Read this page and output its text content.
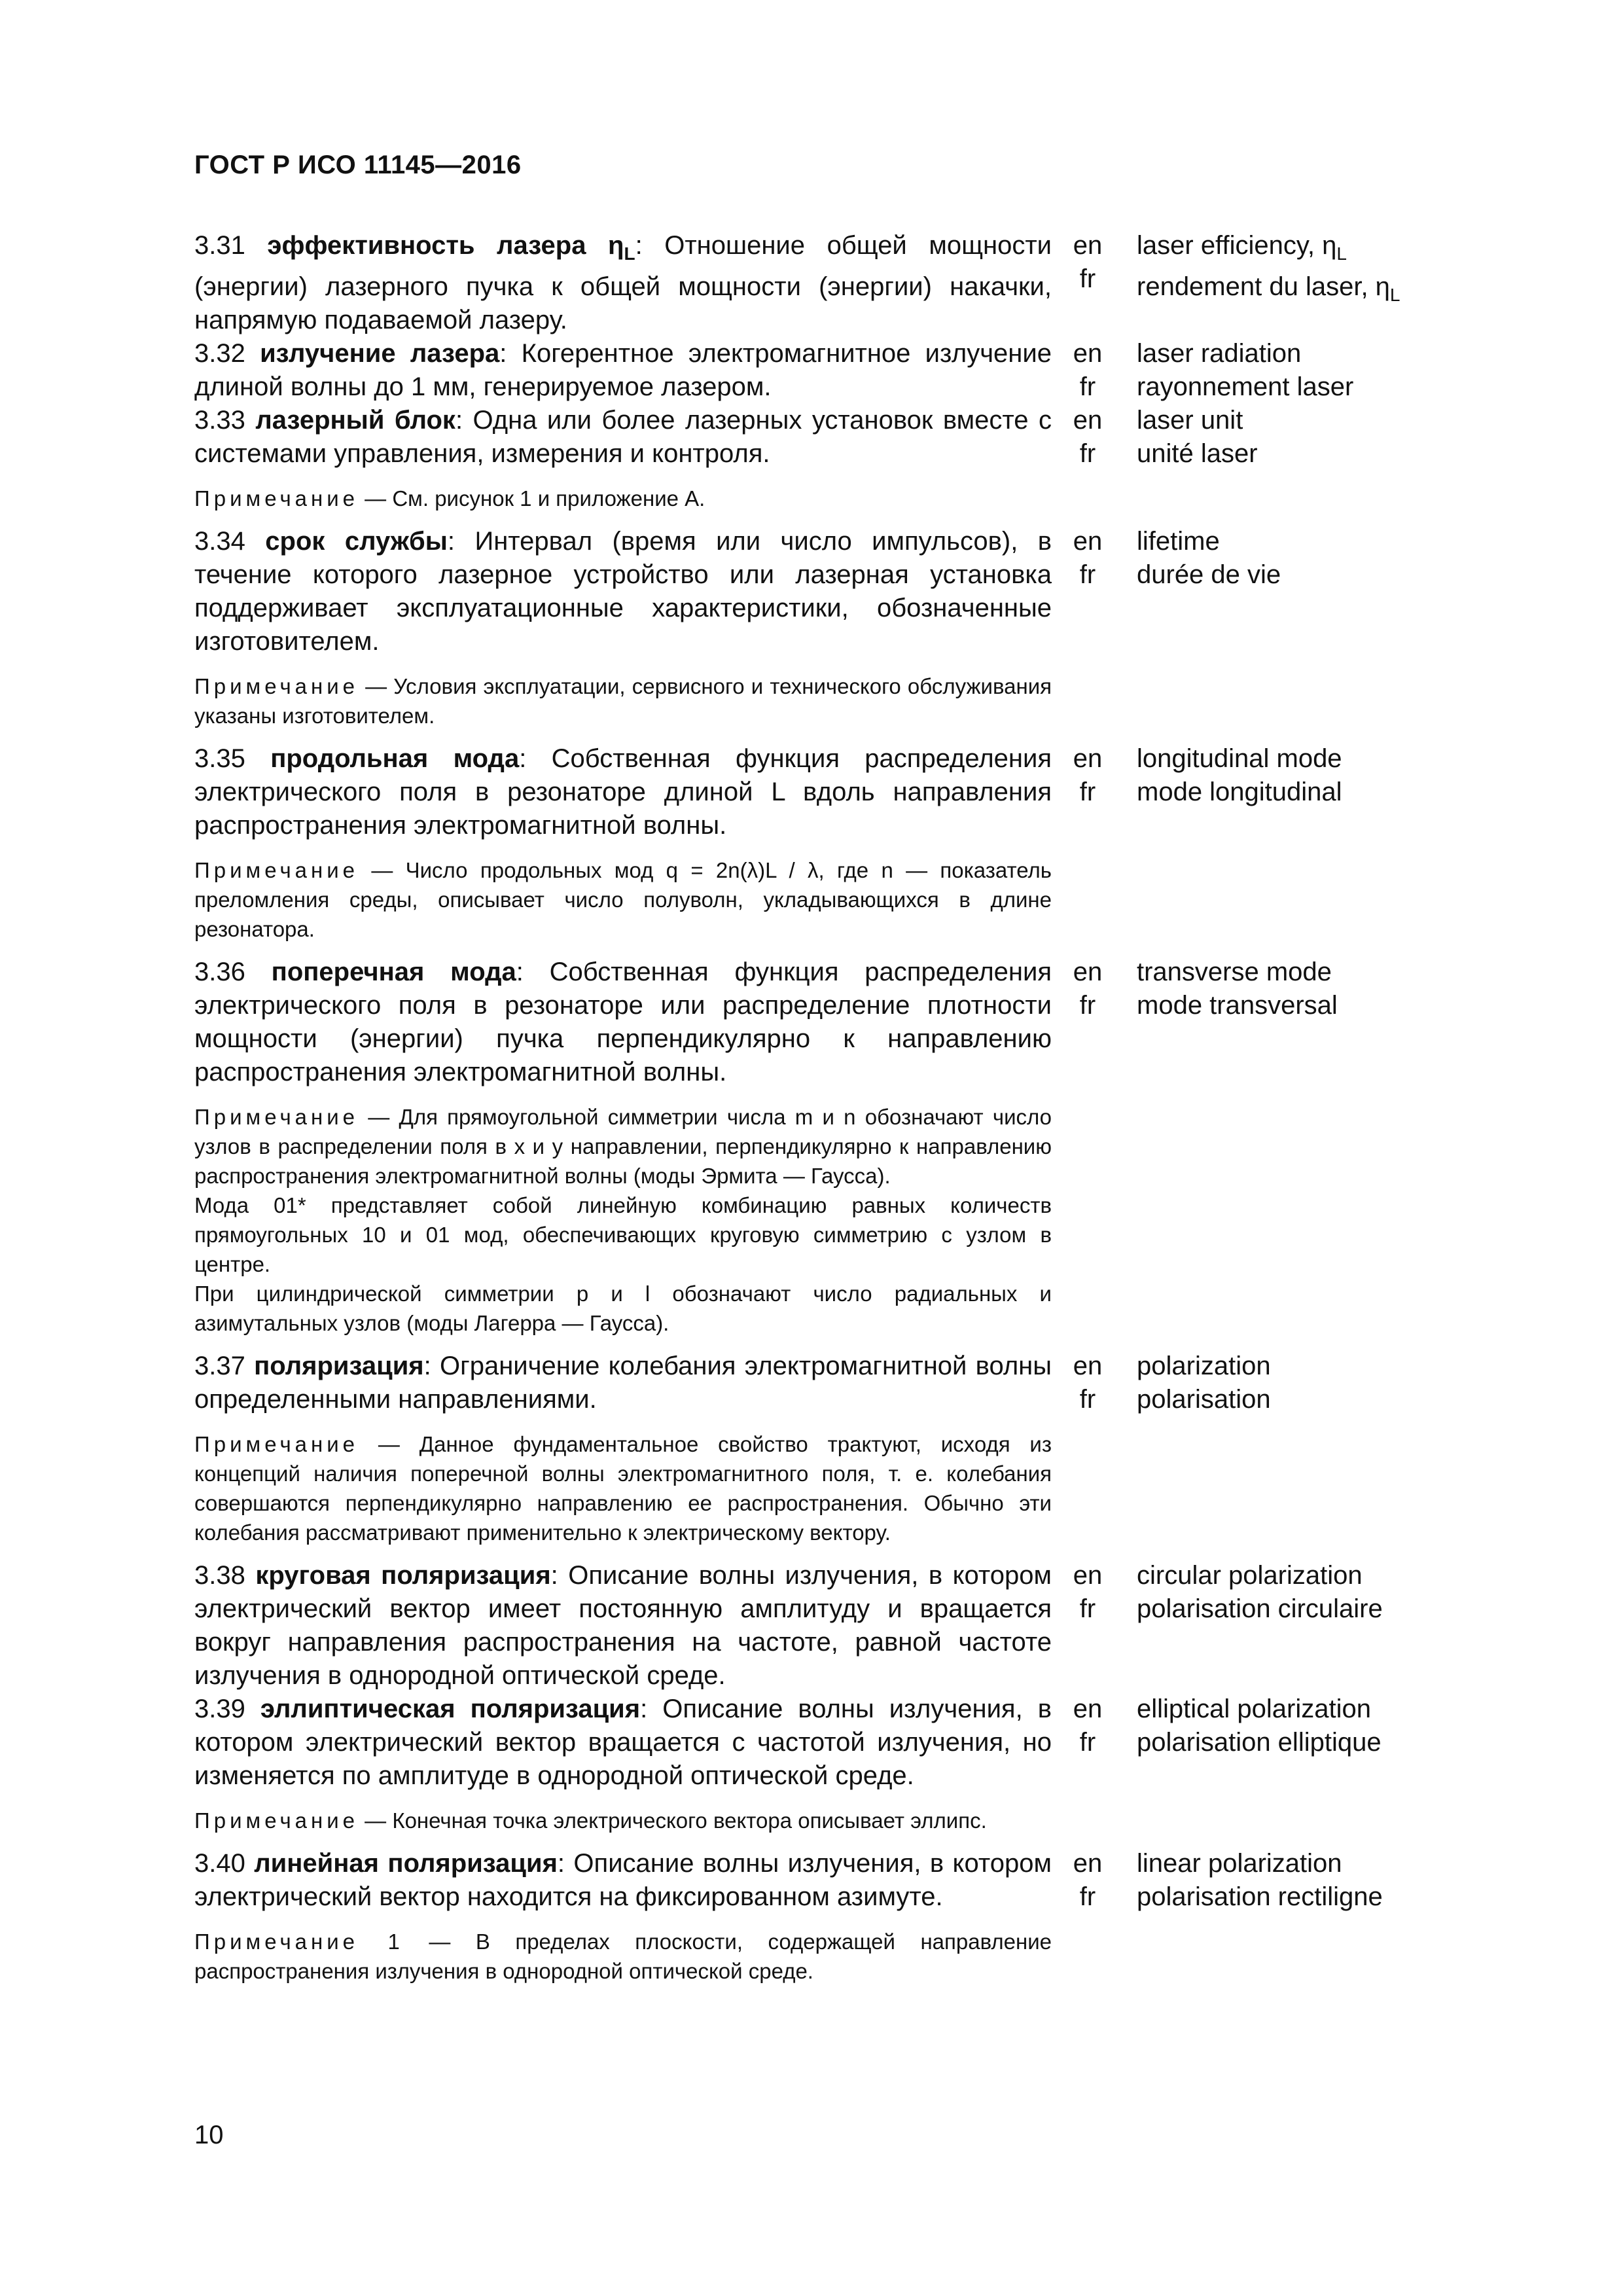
ГОСТ Р ИСО 11145—2016
3.31 эффективность лазера $\eta_L$: Отношение общей мощности (энергии) лазерного пучка к общей мощности (энергии) накачки, напрямую подаваемой лазеру.
en
fr
laser efficiency, $\eta_L$
rendement du laser, $\eta_L$
3.32 излучение лазера: Когерентное электромагнитное излучение длиной волны до 1 мм, генерируемое лазером.
en
fr
laser radiation
rayonnement laser
3.33 лазерный блок: Одна или более лазерных установок вместе с системами управления, измерения и контроля.
en
fr
laser unit
unité laser
Примечание — См. рисунок 1 и приложение А.
3.34 срок службы: Интервал (время или число импульсов), в течение которого лазерное устройство или лазерная установка поддерживает эксплуатационные характеристики, обозначенные изготовителем.
en
fr
lifetime
durée de vie
Примечание — Условия эксплуатации, сервисного и технического обслуживания указаны изготовителем.
3.35 продольная мода: Собственная функция распределения электрического поля в резонаторе длиной L вдоль направления распространения электромагнитной волны.
en
fr
longitudinal mode
mode longitudinal
Примечание — Число продольных мод q = 2n(λ)L / λ, где n — показатель преломления среды, описывает число полуволн, укладывающихся в длине резонатора.
3.36 поперечная мода: Собственная функция распределения электрического поля в резонаторе или распределение плотности мощности (энергии) пучка перпендикулярно к направлению распространения электромагнитной волны.
en
fr
transverse mode
mode transversal
Примечание — Для прямоугольной симметрии числа m и n обозначают число узлов в распределении поля в x и y направлении, перпендикулярно к направлению распространения электромагнитной волны (моды Эрмита — Гаусса).
Мода 01* представляет собой линейную комбинацию равных количеств прямоугольных 10 и 01 мод, обеспечивающих круговую симметрию с узлом в центре.
При цилиндрической симметрии p и l обозначают число радиальных и азимутальных узлов (моды Лагерра — Гаусса).
3.37 поляризация: Ограничение колебания электромагнитной волны определенными направлениями.
en
fr
polarization
polarisation
Примечание — Данное фундаментальное свойство трактуют, исходя из концепций наличия поперечной волны электромагнитного поля, т. е. колебания совершаются перпендикулярно направлению ее распространения. Обычно эти колебания рассматривают применительно к электрическому вектору.
3.38 круговая поляризация: Описание волны излучения, в котором электрический вектор имеет постоянную амплитуду и вращается вокруг направления распространения на частоте, равной частоте излучения в однородной оптической среде.
en
fr
circular polarization
polarisation circulaire
3.39 эллиптическая поляризация: Описание волны излучения, в котором электрический вектор вращается с частотой излучения, но изменяется по амплитуде в однородной оптической среде.
en
fr
elliptical polarization
polarisation elliptique
Примечание — Конечная точка электрического вектора описывает эллипс.
3.40 линейная поляризация: Описание волны излучения, в котором электрический вектор находится на фиксированном азимуте.
en
fr
linear polarization
polarisation rectiligne
Примечание 1 — В пределах плоскости, содержащей направление распространения излучения в однородной оптической среде.
10
